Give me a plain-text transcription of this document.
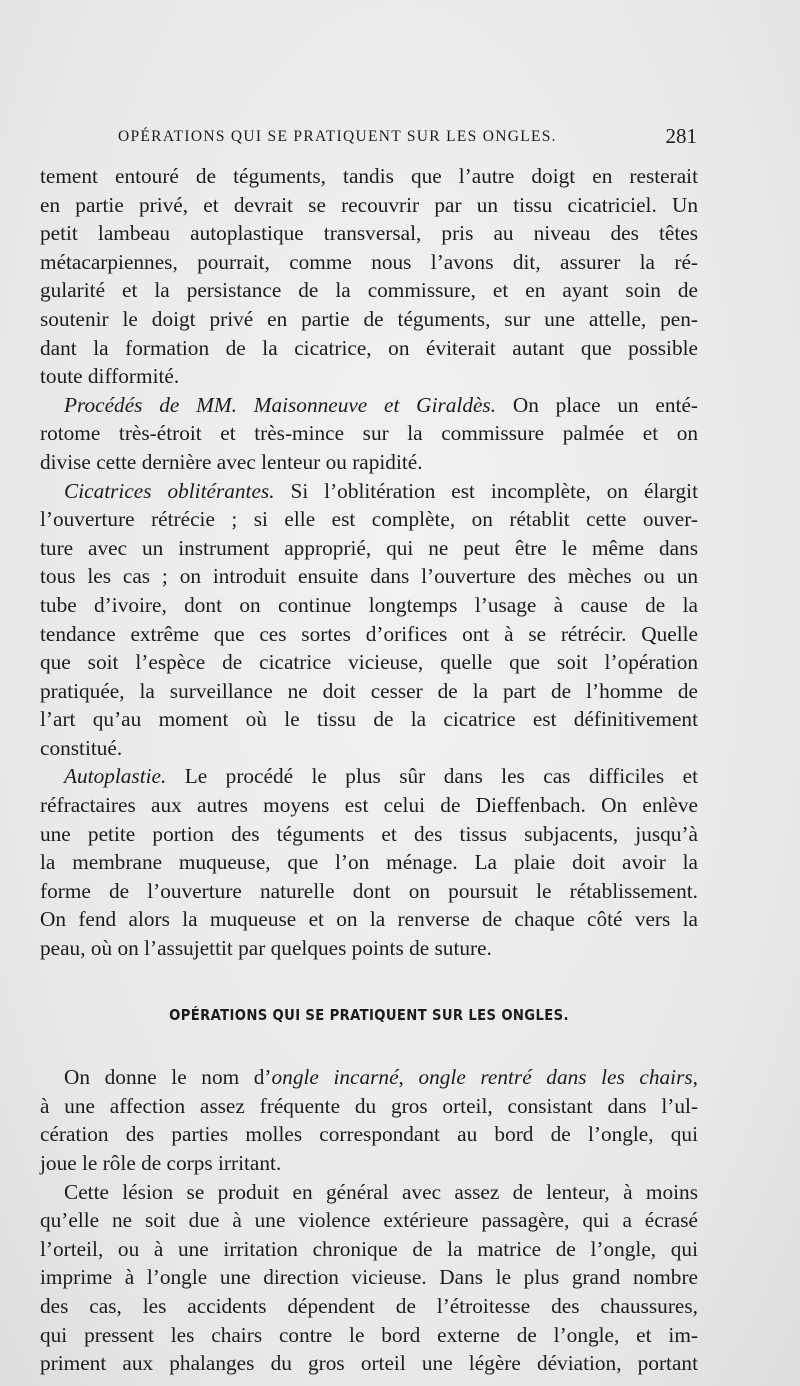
OPÉRATIONS QUI SE PRATIQUENT SUR LES ONGLES.	281

tement entouré de téguments, tandis que l’autre doigt en resterait
en partie privé, et devrait se recouvrir par un tissu cicatriciel. Un
petit lambeau autoplastique transversal, pris au niveau des têtes
métacarpiennes, pourrait, comme nous l’avons dit, assurer la ré-
gularité et la persistance de la commissure, et en ayant soin de
soutenir le doigt privé en partie de téguments, sur une attelle, pen-
dant la formation de la cicatrice, on éviterait autant que possible
toute difformité.

Procédés de MM. Maisonneuve et Giraldès. On place un enté-
rotome très-étroit et très-mince sur la commissure palmée et on
divise cette dernière avec lenteur ou rapidité.

Cicatrices oblitérantes. Si l’oblitération est incomplète, on élargit
l’ouverture rétrécie ; si elle est complète, on rétablit cette ouver-
ture avec un instrument approprié, qui ne peut être le même dans
tous les cas ; on introduit ensuite dans l’ouverture des mèches ou un
tube d’ivoire, dont on continue longtemps l’usage à cause de la
tendance extrême que ces sortes d’orifices ont à se rétrécir. Quelle
que soit l’espèce de cicatrice vicieuse, quelle que soit l’opération
pratiquée, la surveillance ne doit cesser de la part de l’homme de
l’art qu’au moment où le tissu de la cicatrice est définitivement
constitué.

Autoplastie. Le procédé le plus sûr dans les cas difficiles et
réfractaires aux autres moyens est celui de Dieffenbach. On enlève
une petite portion des téguments et des tissus subjacents, jusqu’à
la membrane muqueuse, que l’on ménage. La plaie doit avoir la
forme de l’ouverture naturelle dont on poursuit le rétablissement.
On fend alors la muqueuse et on la renverse de chaque côté vers la
peau, où on l’assujettit par quelques points de suture.

OPÉRATIONS QUI SE PRATIQUENT SUR LES ONGLES.

On donne le nom d’ongle incarné, ongle rentré dans les chairs,
à une affection assez fréquente du gros orteil, consistant dans l’ul-
cération des parties molles correspondant au bord de l’ongle, qui
joue le rôle de corps irritant.

Cette lésion se produit en général avec assez de lenteur, à moins
qu’elle ne soit due à une violence extérieure passagère, qui a écrasé
l’orteil, ou à une irritation chronique de la matrice de l’ongle, qui
imprime à l’ongle une direction vicieuse. Dans le plus grand nombre
des cas, les accidents dépendent de l’étroitesse des chaussures,
qui pressent les chairs contre le bord externe de l’ongle, et im-
priment aux phalanges du gros orteil une légère déviation, portant
